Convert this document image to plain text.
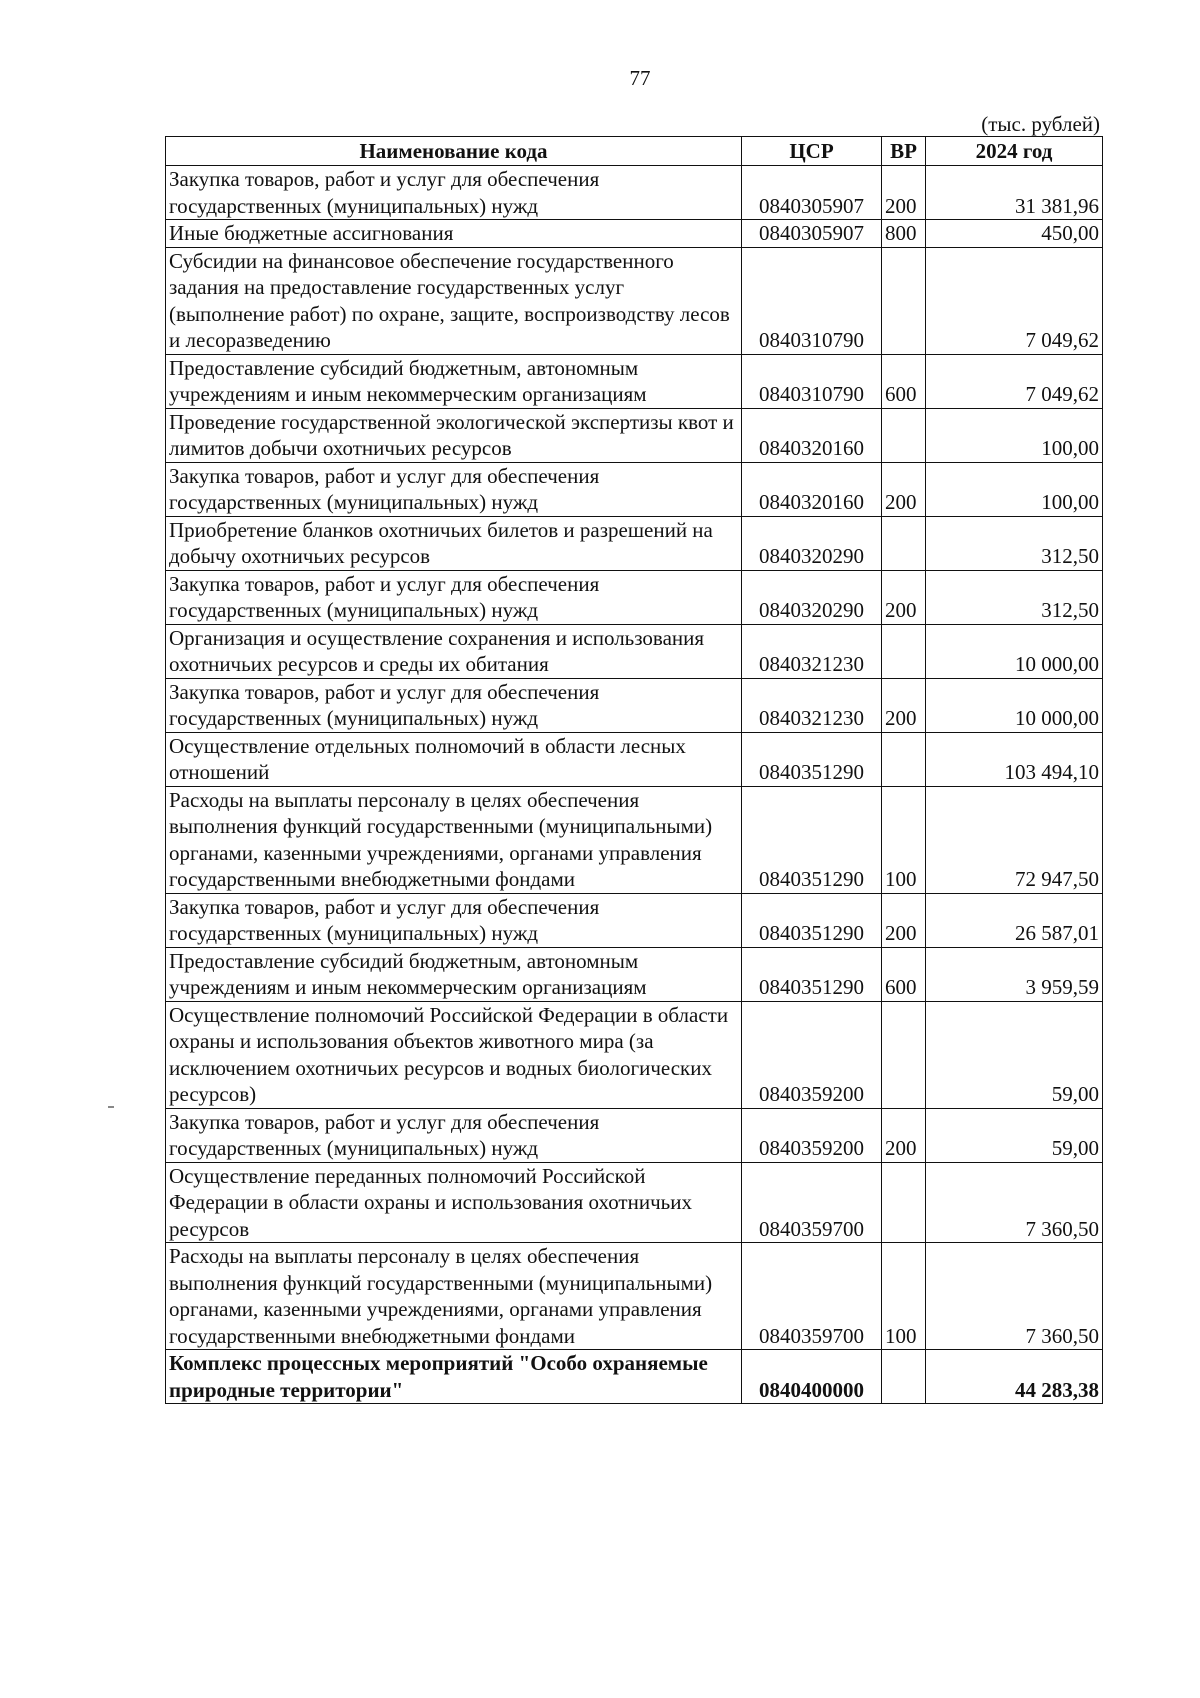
77
(тыс. рублей)
Наименование кода	ЦСР	ВР	2024 год
Закупка товаров, работ и услуг для обеспечения государственных (муниципальных) нужд	0840305907	200	31 381,96
Иные бюджетные ассигнования	0840305907	800	450,00
Субсидии на финансовое обеспечение государственного задания на предоставление государственных услуг (выполнение работ) по охране, защите, воспроизводству лесов и лесоразведению	0840310790		7 049,62
Предоставление субсидий бюджетным, автономным учреждениям и иным некоммерческим организациям	0840310790	600	7 049,62
Проведение государственной экологической экспертизы квот и лимитов добычи охотничьих ресурсов	0840320160		100,00
Закупка товаров, работ и услуг для обеспечения государственных (муниципальных) нужд	0840320160	200	100,00
Приобретение бланков охотничьих билетов и разрешений на добычу охотничьих ресурсов	0840320290		312,50
Закупка товаров, работ и услуг для обеспечения государственных (муниципальных) нужд	0840320290	200	312,50
Организация и осуществление сохранения и использования охотничьих ресурсов и среды их обитания	0840321230		10 000,00
Закупка товаров, работ и услуг для обеспечения государственных (муниципальных) нужд	0840321230	200	10 000,00
Осуществление отдельных полномочий в области лесных отношений	0840351290		103 494,10
Расходы на выплаты персоналу в целях обеспечения выполнения функций государственными (муниципальными) органами, казенными учреждениями, органами управления государственными внебюджетными фондами	0840351290	100	72 947,50
Закупка товаров, работ и услуг для обеспечения государственных (муниципальных) нужд	0840351290	200	26 587,01
Предоставление субсидий бюджетным, автономным учреждениям и иным некоммерческим организациям	0840351290	600	3 959,59
Осуществление полномочий Российской Федерации в области охраны и использования объектов животного мира (за исключением охотничьих ресурсов и водных биологических ресурсов)	0840359200		59,00
Закупка товаров, работ и услуг для обеспечения государственных (муниципальных) нужд	0840359200	200	59,00
Осуществление переданных полномочий Российской Федерации в области охраны и использования охотничьих ресурсов	0840359700		7 360,50
Расходы на выплаты персоналу в целях обеспечения выполнения функций государственными (муниципальными) органами, казенными учреждениями, органами управления государственными внебюджетными фондами	0840359700	100	7 360,50
Комплекс процессных мероприятий "Особо охраняемые природные территории"	0840400000		44 283,38
